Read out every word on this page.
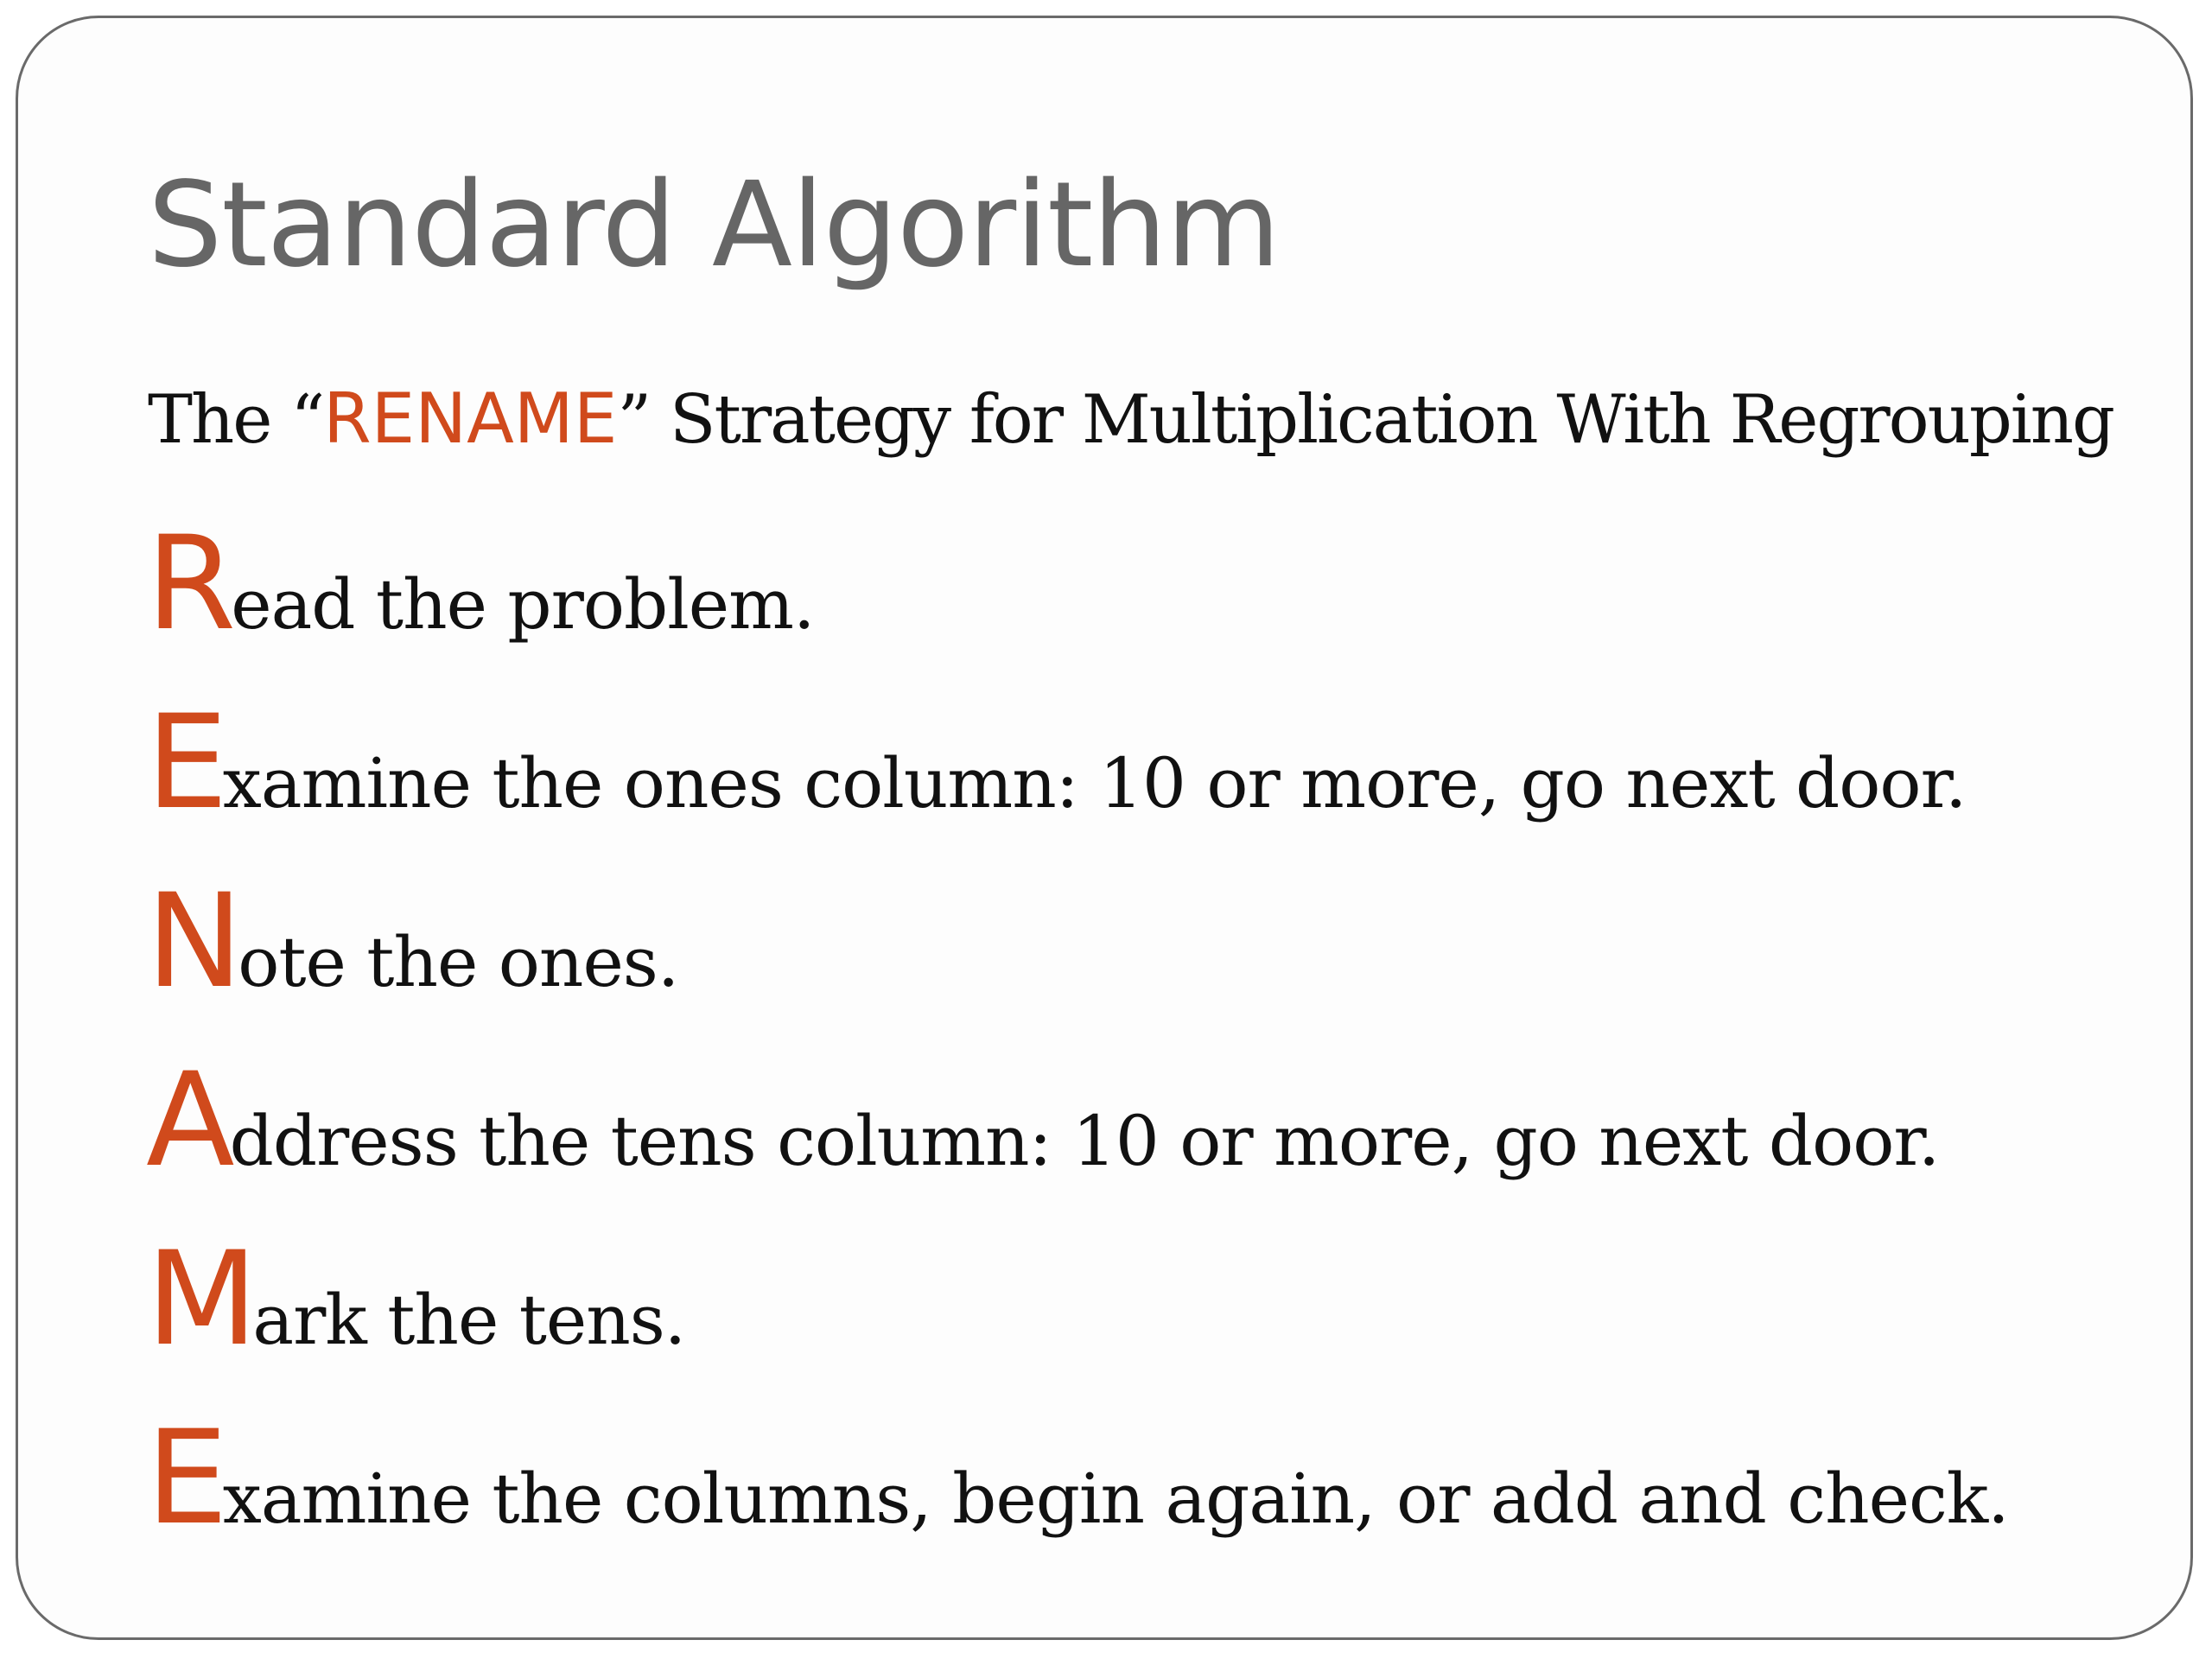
Standard Algorithm
The “RENAME” Strategy for Multiplication With Regrouping
R ead the problem.
E xamine the ones column: 10 or more, go next door.
N ote the ones.
A ddress the tens column: 10 or more, go next door.
M ark the tens.
E xamine the columns, begin again, or add and check.
